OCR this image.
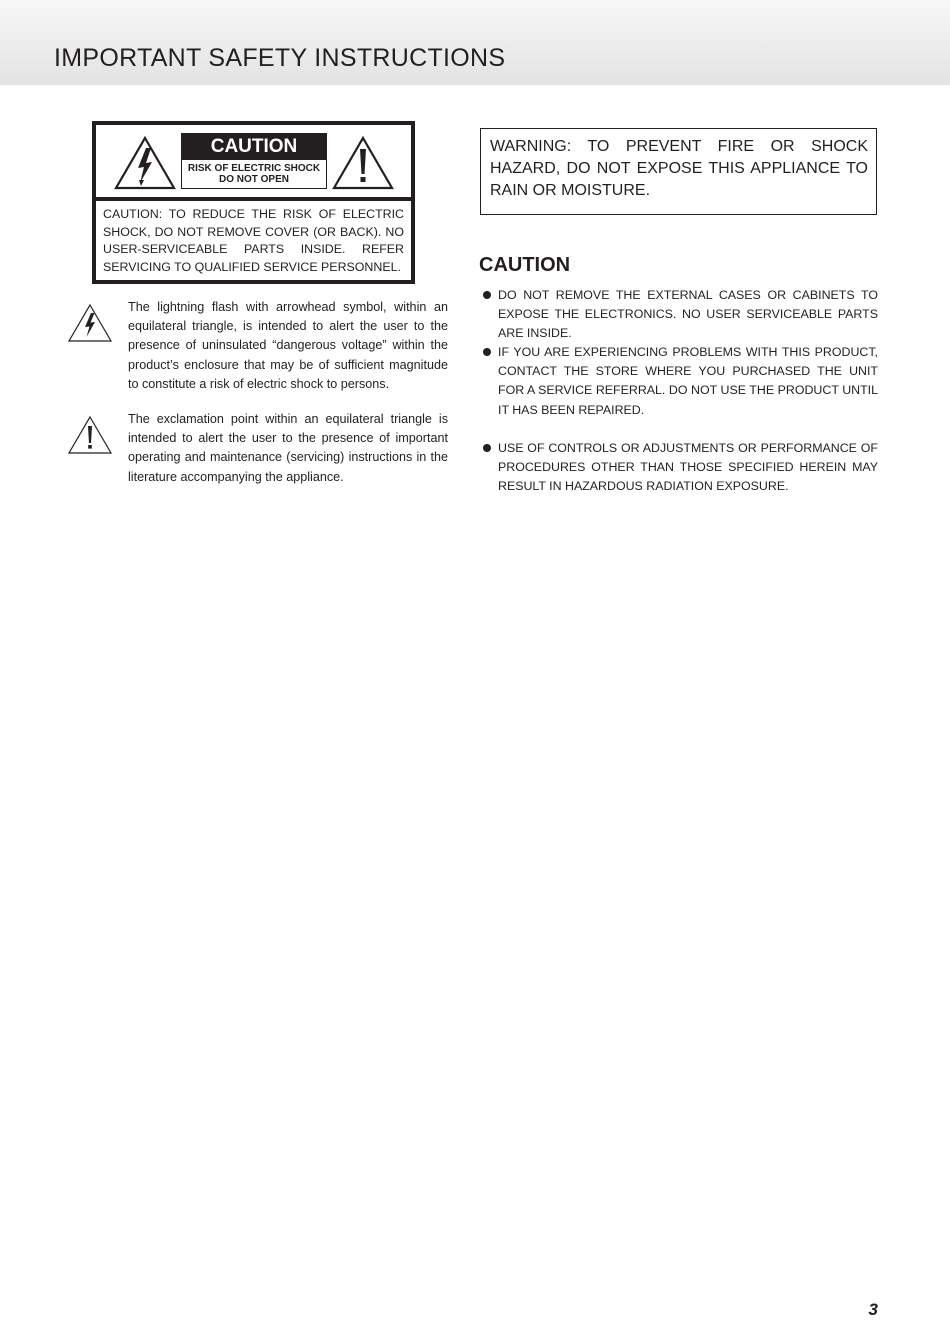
IMPORTANT SAFETY INSTRUCTIONS
CAUTION
RISK OF ELECTRIC SHOCK
DO NOT OPEN

CAUTION: TO REDUCE THE RISK OF ELECTRIC SHOCK, DO NOT REMOVE COVER (OR BACK). NO USER-SERVICEABLE PARTS INSIDE. REFER SERVICING TO QUALIFIED SERVICE PERSONNEL.

The lightning flash with arrowhead symbol, within an equilateral triangle, is intended to alert the user to the presence of uninsulated “dangerous voltage” within the product’s enclosure that may be of sufficient magnitude to constitute a risk of electric shock to persons.

The exclamation point within an equilateral triangle is intended to alert the user to the presence of important operating and maintenance (servicing) instructions in the literature accompanying the appliance.

WARNING: TO PREVENT FIRE OR SHOCK HAZARD, DO NOT EXPOSE THIS APPLIANCE TO RAIN OR MOISTURE.

CAUTION

DO NOT REMOVE THE EXTERNAL CASES OR CABINETS TO EXPOSE THE ELECTRONICS. NO USER SERVICEABLE PARTS ARE INSIDE.

IF YOU ARE EXPERIENCING PROBLEMS WITH THIS PRODUCT, CONTACT THE STORE WHERE YOU PURCHASED THE UNIT FOR A SERVICE REFERRAL. DO NOT USE THE PRODUCT UNTIL IT HAS BEEN REPAIRED.

USE OF CONTROLS OR ADJUSTMENTS OR PERFORMANCE OF PROCEDURES OTHER THAN THOSE SPECIFIED HEREIN MAY RESULT IN HAZARDOUS RADIATION EXPOSURE.

3
